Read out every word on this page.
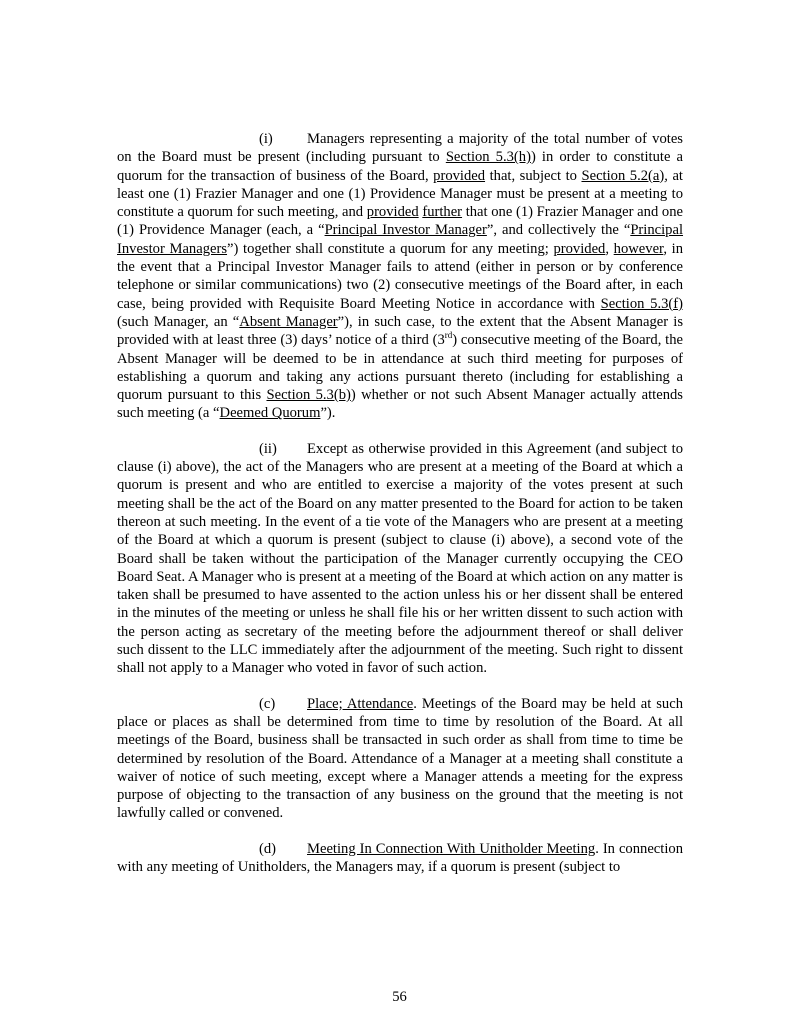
(i) Managers representing a majority of the total number of votes on the Board must be present (including pursuant to Section 5.3(h)) in order to constitute a quorum for the transaction of business of the Board, provided that, subject to Section 5.2(a), at least one (1) Frazier Manager and one (1) Providence Manager must be present at a meeting to constitute a quorum for such meeting, and provided further that one (1) Frazier Manager and one (1) Providence Manager (each, a “Principal Investor Manager”, and collectively the “Principal Investor Managers”) together shall constitute a quorum for any meeting; provided, however, in the event that a Principal Investor Manager fails to attend (either in person or by conference telephone or similar communications) two (2) consecutive meetings of the Board after, in each case, being provided with Requisite Board Meeting Notice in accordance with Section 5.3(f) (such Manager, an “Absent Manager”), in such case, to the extent that the Absent Manager is provided with at least three (3) days’ notice of a third (3rd) consecutive meeting of the Board, the Absent Manager will be deemed to be in attendance at such third meeting for purposes of establishing a quorum and taking any actions pursuant thereto (including for establishing a quorum pursuant to this Section 5.3(b)) whether or not such Absent Manager actually attends such meeting (a “Deemed Quorum”).

(ii) Except as otherwise provided in this Agreement (and subject to clause (i) above), the act of the Managers who are present at a meeting of the Board at which a quorum is present and who are entitled to exercise a majority of the votes present at such meeting shall be the act of the Board on any matter presented to the Board for action to be taken thereon at such meeting. In the event of a tie vote of the Managers who are present at a meeting of the Board at which a quorum is present (subject to clause (i) above), a second vote of the Board shall be taken without the participation of the Manager currently occupying the CEO Board Seat. A Manager who is present at a meeting of the Board at which action on any matter is taken shall be presumed to have assented to the action unless his or her dissent shall be entered in the minutes of the meeting or unless he shall file his or her written dissent to such action with the person acting as secretary of the meeting before the adjournment thereof or shall deliver such dissent to the LLC immediately after the adjournment of the meeting. Such right to dissent shall not apply to a Manager who voted in favor of such action.

(c) Place; Attendance. Meetings of the Board may be held at such place or places as shall be determined from time to time by resolution of the Board. At all meetings of the Board, business shall be transacted in such order as shall from time to time be determined by resolution of the Board. Attendance of a Manager at a meeting shall constitute a waiver of notice of such meeting, except where a Manager attends a meeting for the express purpose of objecting to the transaction of any business on the ground that the meeting is not lawfully called or convened.

(d) Meeting In Connection With Unitholder Meeting. In connection with any meeting of Unitholders, the Managers may, if a quorum is present (subject to

56
